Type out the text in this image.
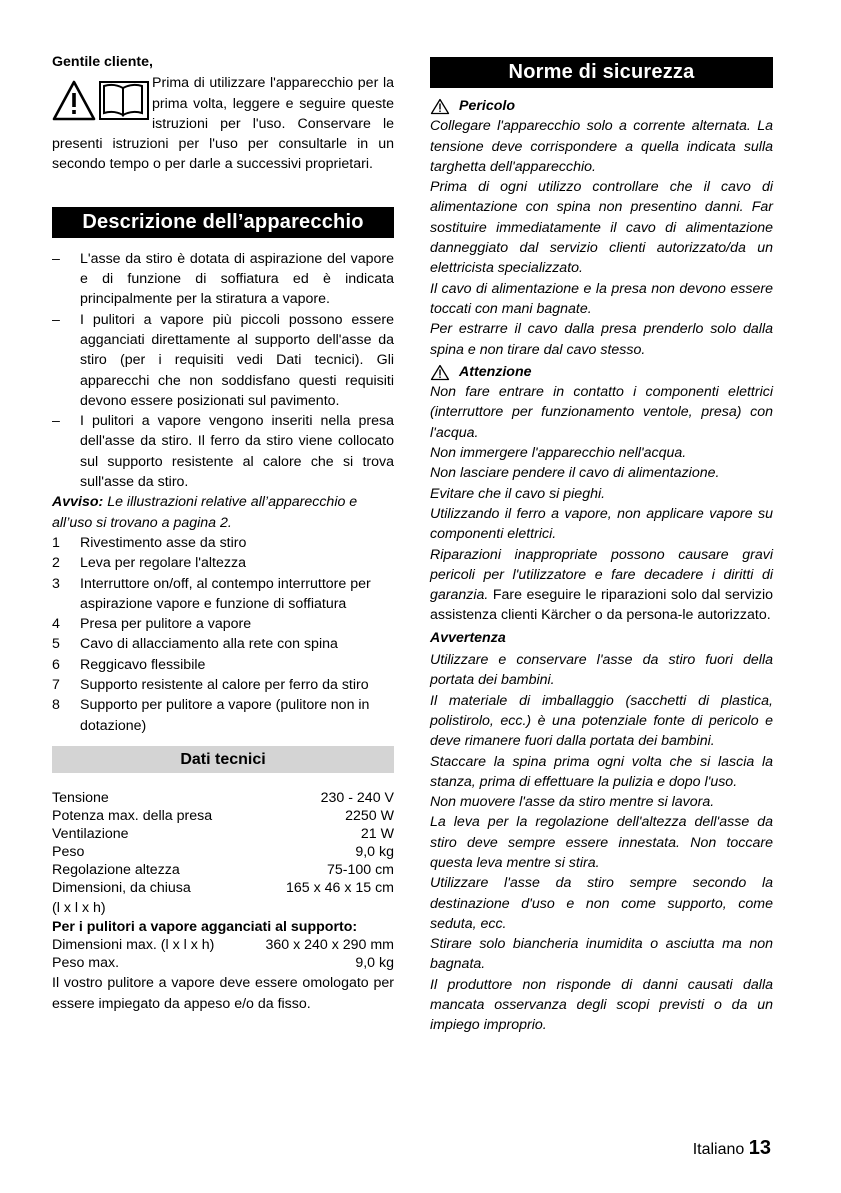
Gentile cliente,

Prima di utilizzare l'apparecchio per la prima volta, leggere e seguire queste istruzioni per l'uso. Conservare le presenti istruzioni per l'uso per consultarle in un secondo tempo o per darle a successivi proprietari.

Descrizione dell’apparecchio
– L'asse da stiro è dotata di aspirazione del vapore e di funzione di soffiatura ed è indicata principalmente per la stiratura a vapore.
– I pulitori a vapore più piccoli possono essere agganciati direttamente al supporto dell'asse da stiro (per i requisiti vedi Dati tecnici). Gli apparecchi che non soddisfano questi requisiti devono essere posizionati sul pavimento.
– I pulitori a vapore vengono inseriti nella presa dell'asse da stiro. Il ferro da stiro viene collocato sul supporto resistente al calore che si trova sull'asse da stiro.

Avviso: Le illustrazioni relative all’apparecchio e all’uso si trovano a pagina 2.

1 Rivestimento asse da stiro
2 Leva per regolare l'altezza
3 Interruttore on/off, al contempo interruttore per aspirazione vapore e funzione di soffiatura
4 Presa per pulitore a vapore
5 Cavo di allacciamento alla rete con spina
6 Reggicavo flessibile
7 Supporto resistente al calore per ferro da stiro
8 Supporto per pulitore a vapore (pulitore non in dotazione)
Dati tecnici
Tensione	230 - 240 V
Potenza max. della presa	2250 W
Ventilazione	21 W
Peso	9,0 kg
Regolazione altezza	75-100 cm
Dimensioni, da chiusa	165 x 46 x 15 cm

(l x l x h)

Per i pulitori a vapore agganciati al supporto:

Dimensioni max. (l x l x h)	360 x 240 x 290 mm
Peso max.	9,0 kg

Il vostro pulitore a vapore deve essere omologato per essere impiegato da appeso e/o da fisso.

Norme di sicurezza
Pericolo

Collegare l'apparecchio solo a corrente alternata. La tensione deve corrispondere a quella indicata sulla targhetta dell'apparecchio.

Prima di ogni utilizzo controllare che il cavo di alimentazione con spina non presentino danni. Far sostituire immediatamente il cavo di alimentazione danneggiato dal servizio clienti autorizzato/da un elettricista specializzato.

Il cavo di alimentazione e la presa non devono essere toccati con mani bagnate.

Per estrarre il cavo dalla presa prenderlo solo dalla spina e non tirare dal cavo stesso.

Attenzione

Non fare entrare in contatto i componenti elettrici (interruttore per funzionamento ventole, presa) con l'acqua.

Non immergere l'apparecchio nell'acqua.

Non lasciare pendere il cavo di alimentazione.

Evitare che il cavo si pieghi.

Utilizzando il ferro a vapore, non applicare vapore su componenti elettrici.

Riparazioni inappropriate possono causare gravi pericoli per l'utilizzatore e fare decadere i diritti di garanzia. Fare eseguire le riparazioni solo dal servizio assistenza clienti Kärcher o da persona-le autorizzato.

Avvertenza

Utilizzare e conservare l'asse da stiro fuori della portata dei bambini.

Il materiale di imballaggio (sacchetti di plastica, polistirolo, ecc.) è una potenziale fonte di pericolo e deve rimanere fuori dalla portata dei bambini.

Staccare la spina prima ogni volta che si lascia la stanza, prima di effettuare la pulizia e dopo l'uso.

Non muovere l'asse da stiro mentre si lavora.

La leva per la regolazione dell'altezza dell'asse da stiro deve sempre essere innestata. Non toccare questa leva mentre si stira.

Utilizzare l'asse da stiro sempre secondo la destinazione d'uso e non come supporto, come seduta, ecc.

Stirare solo biancheria inumidita o asciutta ma non bagnata.

Il produttore non risponde di danni causati dalla mancata osservanza degli scopi previsti o da un impiego improprio.

Italiano 13
